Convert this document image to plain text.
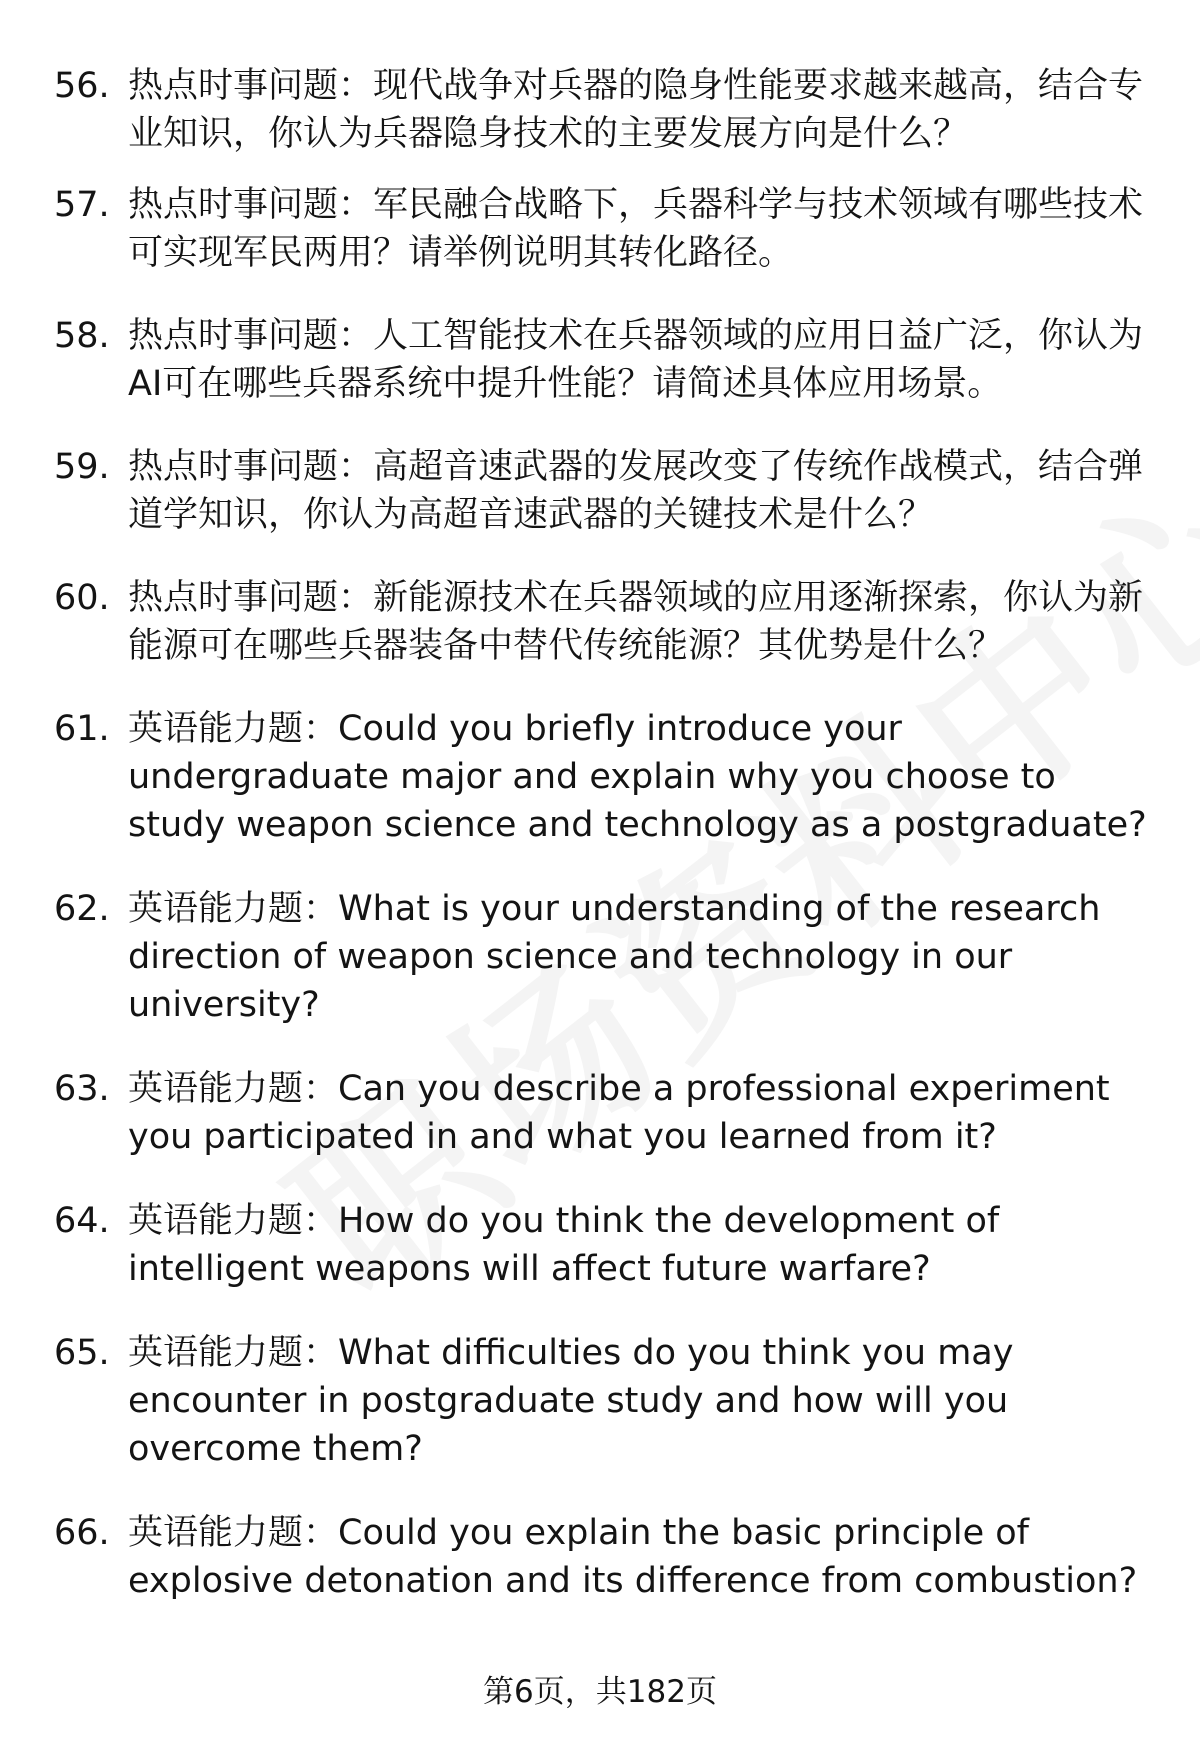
56. 热点时事问题：现代战争对兵器的隐身性能要求越来越高，结合专业知识，你认为兵器隐身技术的主要发展方向是什么？
57. 热点时事问题：军民融合战略下，兵器科学与技术领域有哪些技术可实现军民两用？请举例说明其转化路径。
58. 热点时事问题：人工智能技术在兵器领域的应用日益广泛，你认为AI可在哪些兵器系统中提升性能？请简述具体应用场景。
59. 热点时事问题：高超音速武器的发展改变了传统作战模式，结合弹道学知识，你认为高超音速武器的关键技术是什么？
60. 热点时事问题：新能源技术在兵器领域的应用逐渐探索，你认为新能源可在哪些兵器装备中替代传统能源？其优势是什么？
61. 英语能力题：Could you briefly introduce your undergraduate major and explain why you choose to study weapon science and technology as a postgraduate?
62. 英语能力题：What is your understanding of the research direction of weapon science and technology in our university?
63. 英语能力题：Can you describe a professional experiment you participated in and what you learned from it?
64. 英语能力题：How do you think the development of intelligent weapons will affect future warfare?
65. 英语能力题：What difficulties do you think you may encounter in postgraduate study and how will you overcome them?
66. 英语能力题：Could you explain the basic principle of explosive detonation and its difference from combustion?
第6页，共182页
